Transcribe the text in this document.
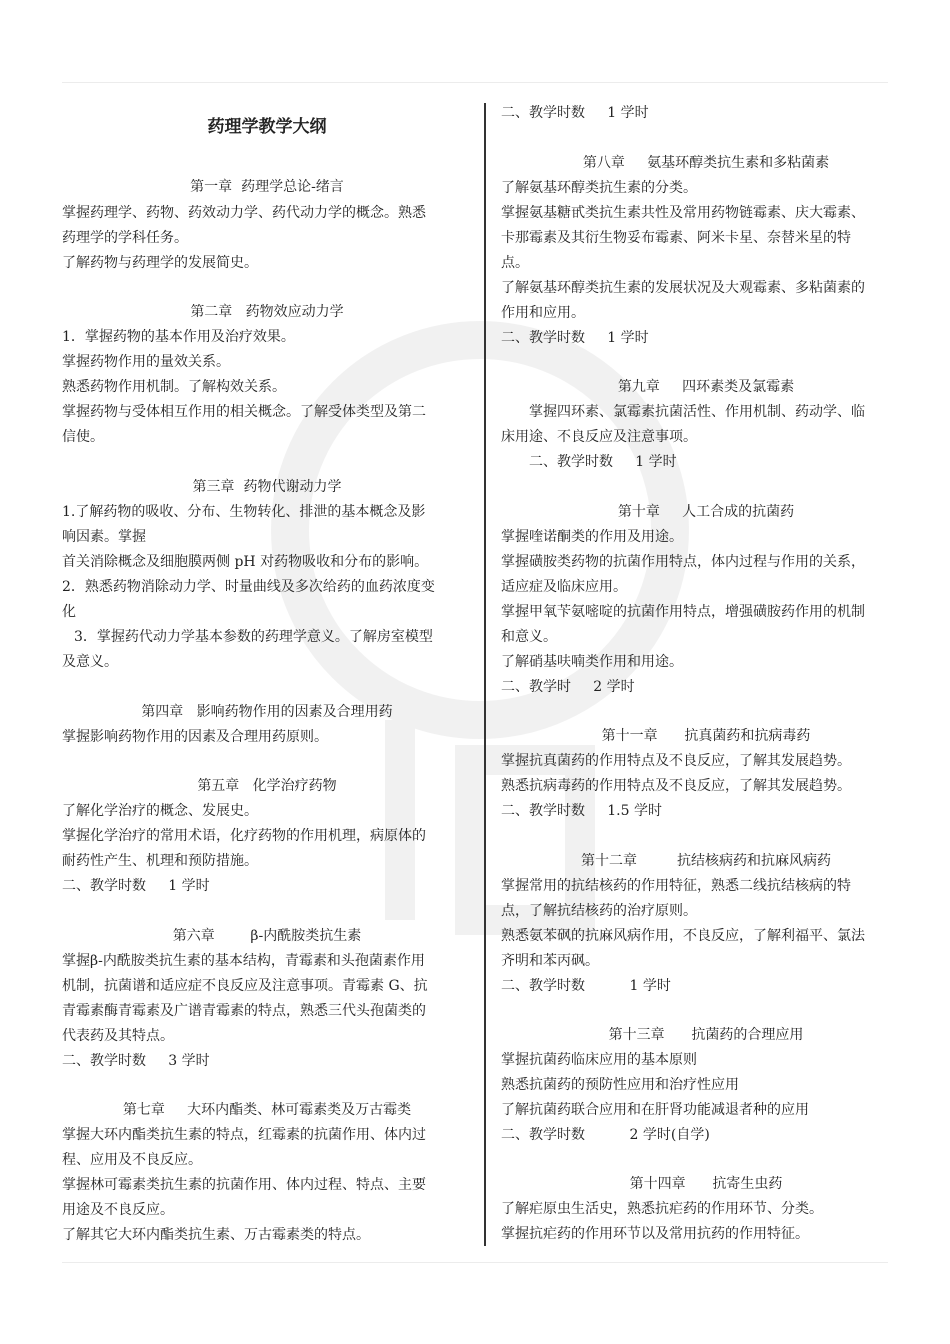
药理学教学大纲
第一章  药理学总论-绪言
掌握药理学、药物、药效动力学、药代动力学的概念。熟悉
药理学的学科任务。
了解药物与药理学的发展简史。
第二章   药物效应动力学
1．掌握药物的基本作用及治疗效果。
掌握药物作用的量效关系。
熟悉药物作用机制。了解构效关系。
掌握药物与受体相互作用的相关概念。了解受体类型及第二
信使。
第三章  药物代谢动力学
1.了解药物的吸收、分布、生物转化、排泄的基本概念及影
响因素。掌握
首关消除概念及细胞膜两侧 pH 对药物吸收和分布的影响。
2．熟悉药物消除动力学、时量曲线及多次给药的血药浓度变
化
3．掌握药代动力学基本参数的药理学意义。了解房室模型
及意义。
第四章   影响药物作用的因素及合理用药
掌握影响药物作用的因素及合理用药原则。
第五章   化学治疗药物
了解化学治疗的概念、发展史。
掌握化学治疗的常用术语，化疗药物的作用机理，病原体的
耐药性产生、机理和预防措施。
二、教学时数     1 学时
第六章        β-内酰胺类抗生素
掌握β-内酰胺类抗生素的基本结构，青霉素和头孢菌素作用
机制，抗菌谱和适应症不良反应及注意事项。青霉素 G、抗
青霉素酶青霉素及广谱青霉素的特点，熟悉三代头孢菌类的
代表药及其特点。
二、教学时数     3 学时
第七章     大环内酯类、林可霉素类及万古霉类
掌握大环内酯类抗生素的特点，红霉素的抗菌作用、体内过
程、应用及不良反应。
掌握林可霉素类抗生素的抗菌作用、体内过程、特点、主要
用途及不良反应。
了解其它大环内酯类抗生素、万古霉素类的特点。
二、教学时数     1 学时
第八章     氨基环醇类抗生素和多粘菌素
了解氨基环醇类抗生素的分类。
掌握氨基糖甙类抗生素共性及常用药物链霉素、庆大霉素、
卡那霉素及其衍生物妥布霉素、阿米卡星、奈替米星的特
点。
了解氨基环醇类抗生素的发展状况及大观霉素、多粘菌素的
作用和应用。
二、教学时数     1 学时
第九章     四环素类及氯霉素
掌握四环素、氯霉素抗菌活性、作用机制、药动学、临
床用途、不良反应及注意事项。
二、教学时数     1 学时
第十章     人工合成的抗菌药
掌握喹诺酮类的作用及用途。
掌握磺胺类药物的抗菌作用特点，体内过程与作用的关系，
适应症及临床应用。
掌握甲氧苄氨嘧啶的抗菌作用特点，增强磺胺药作用的机制
和意义。
了解硝基呋喃类作用和用途。
二、教学时     2 学时
第十一章      抗真菌药和抗病毒药
掌握抗真菌药的作用特点及不良反应，了解其发展趋势。
熟悉抗病毒药的作用特点及不良反应，了解其发展趋势。
二、教学时数     1.5 学时
第十二章         抗结核病药和抗麻风病药
掌握常用的抗结核药的作用特征，熟悉二线抗结核病的特
点，了解抗结核药的治疗原则。
熟悉氨苯砜的抗麻风病作用，不良反应，了解利福平、氯法
齐明和苯丙砜。
二、教学时数          1 学时
第十三章      抗菌药的合理应用
掌握抗菌药临床应用的基本原则
熟悉抗菌药的预防性应用和治疗性应用
了解抗菌药联合应用和在肝肾功能减退者种的应用
二、教学时数          2 学时(自学)
第十四章      抗寄生虫药
了解疟原虫生活史，熟悉抗疟药的作用环节、分类。
掌握抗疟药的作用环节以及常用抗药的作用特征。
